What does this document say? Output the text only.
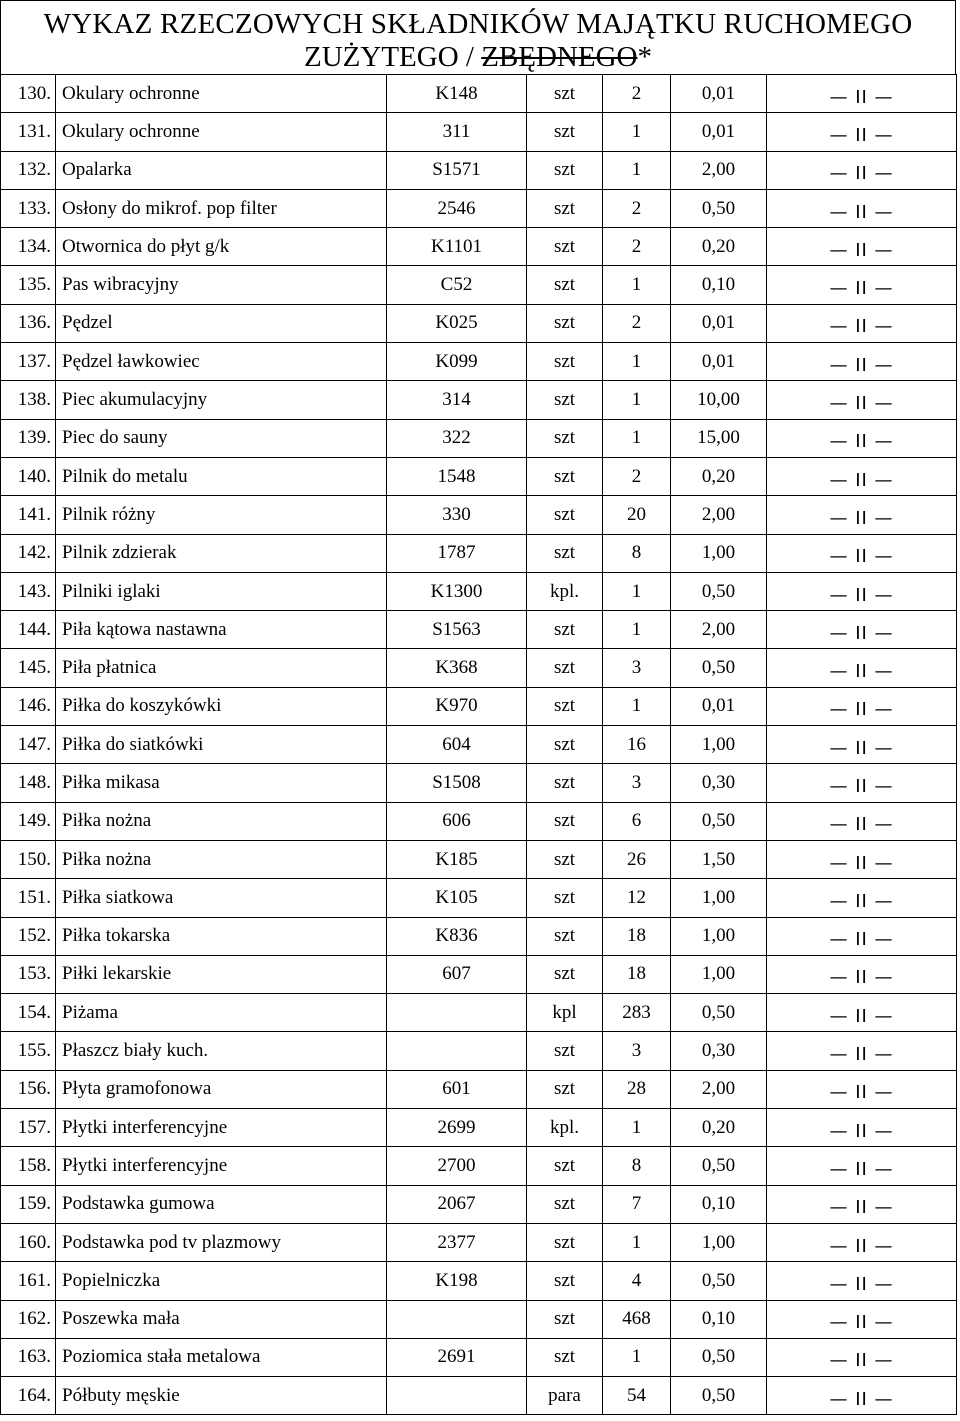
WYKAZ RZECZOWYCH SKŁADNIKÓW MAJĄTKU RUCHOMEGO
ZUŻYTEGO / ZBĘDNEGO*
130.	Okulary ochronne	K148	szt	2	0,01	— II —
131.	Okulary ochronne	311	szt	1	0,01	— II —
132.	Opalarka	S1571	szt	1	2,00	— II —
133.	Osłony do mikrof. pop filter	2546	szt	2	0,50	— II —
134.	Otwornica do płyt g/k	K1101	szt	2	0,20	— II —
135.	Pas wibracyjny	C52	szt	1	0,10	— II —
136.	Pędzel	K025	szt	2	0,01	— II —
137.	Pędzel ławkowiec	K099	szt	1	0,01	— II —
138.	Piec akumulacyjny	314	szt	1	10,00	— II —
139.	Piec do sauny	322	szt	1	15,00	— II —
140.	Pilnik do metalu	1548	szt	2	0,20	— II —
141.	Pilnik różny	330	szt	20	2,00	— II —
142.	Pilnik zdzierak	1787	szt	8	1,00	— II —
143.	Pilniki iglaki	K1300	kpl.	1	0,50	— II —
144.	Piła kątowa nastawna	S1563	szt	1	2,00	— II —
145.	Piła płatnica	K368	szt	3	0,50	— II —
146.	Piłka do koszykówki	K970	szt	1	0,01	— II —
147.	Piłka do siatkówki	604	szt	16	1,00	— II —
148.	Piłka mikasa	S1508	szt	3	0,30	— II —
149.	Piłka nożna	606	szt	6	0,50	— II —
150.	Piłka nożna	K185	szt	26	1,50	— II —
151.	Piłka siatkowa	K105	szt	12	1,00	— II —
152.	Piłka tokarska	K836	szt	18	1,00	— II —
153.	Piłki lekarskie	607	szt	18	1,00	— II —
154.	Piżama		kpl	283	0,50	— II —
155.	Płaszcz biały kuch.		szt	3	0,30	— II —
156.	Płyta gramofonowa	601	szt	28	2,00	— II —
157.	Płytki interferencyjne	2699	kpl.	1	0,20	— II —
158.	Płytki interferencyjne	2700	szt	8	0,50	— II —
159.	Podstawka gumowa	2067	szt	7	0,10	— II —
160.	Podstawka pod tv plazmowy	2377	szt	1	1,00	— II —
161.	Popielniczka	K198	szt	4	0,50	— II —
162.	Poszewka mała		szt	468	0,10	— II —
163.	Poziomica stała metalowa	2691	szt	1	0,50	— II —
164.	Półbuty męskie		para	54	0,50	— II —
